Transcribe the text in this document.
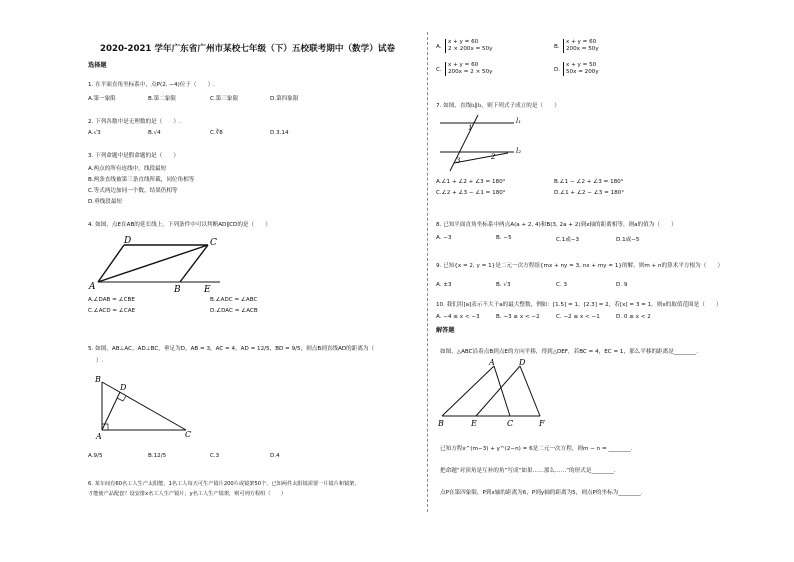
2020-2021 学年广东省广州市某校七年级（下）五校联考期中（数学）试卷
选择题
1. 在平面直角坐标系中，点P(2, −4)位于（　　）.
A.第一象限	B.第二象限	C.第三象限	D.第四象限
2. 下列各数中是无理数的是（　　）.
A.√3	B.√4	C.∛8	D.3.14
3. 下列命题中是假命题的是（　　）
A.两点的所有连线中，线段最短
B.两条直线被第三条直线所截，同位角相等
C.等式两边加同一个数，结果仍相等
D.垂线段最短
4. 如图，点E在AB的延长线上，下列条件中可以判断AD∥CD的是（　　）
D	C
A	B	E
A.∠DAB = ∠CBE	B.∠ADC = ∠ABC
C.∠ACD = ∠CAE	D.∠DAC = ∠ACB
5. 如图，AB⊥AC，AD⊥BC，垂足为D，AB = 3，AC = 4，AD = 12/5，BD = 9/5，则点B到直线AD的距离为（
）.
B
D
A	C
A.9/5	B.12/5	C.3	D.4
6. 某车间有60名工人生产太阳能，1名工人每天可生产镜片200片或镜架50个，已知两件太阳镜需要一片镜片和镜架，
才能使产品配套？设安排x名工人生产镜片，y名工人生产镜架，则可列方程组（　　）
A.
x + y = 60
2 × 200x = 50y	B.
x + y = 60
200x = 50y
C.
x + y = 60
200x = 2 × 50y	D.
x + y = 50
50x = 200y
7. 如图，直线l₁∥l₂，则下列式子成立的是（　　）
l₁
l₂
1
2
3
A.∠1 + ∠2 + ∠3 = 180°	B.∠1 − ∠2 + ∠3 = 180°
C.∠2 + ∠3 − ∠1 = 180°	D.∠1 + ∠2 − ∠3 = 180°
8. 已知平面直角坐标系中两点A(a + 2, 4)和B(3, 2a + 2)到x轴的距离相等，则a的值为（　　）
A. −3	B. −5	C.1或−3	D.1或−5
9. 已知{x = 2, y = 1}是二元一次方程组{mx + ny = 3, nx + my = 1}的解，则m + n的算术平方根为（　　）
A. ±3	B. √3	C. 3	D. 9
10. 我们用[a]表示不大于a的最大整数，例如：[1.5] = 1，[2.3] = 2，若[x] = 3 = 1，则x的取值范围是（　　）
A. −4 ≤ x < −3	B. −3 ≤ x < −2	C. −2 ≤ x < −1	D. 0 ≤ x < 2
解答题
如图，△ABC沿着点B到点E的方向平移，得到△DEF，若BC = 4，EC = 1，那么平移的距离是________.
A	D
B	E	C	F
已知方程x^(m−3) + y^(2−n) = 6是二元一次方程，则m − n = ________.
把命题“对顶角是互补的角”写成“如果……那么……”的形式是________.
点P在第四象限，P到x轴的距离为6，P到y轴的距离为5，则点P的坐标为________.
